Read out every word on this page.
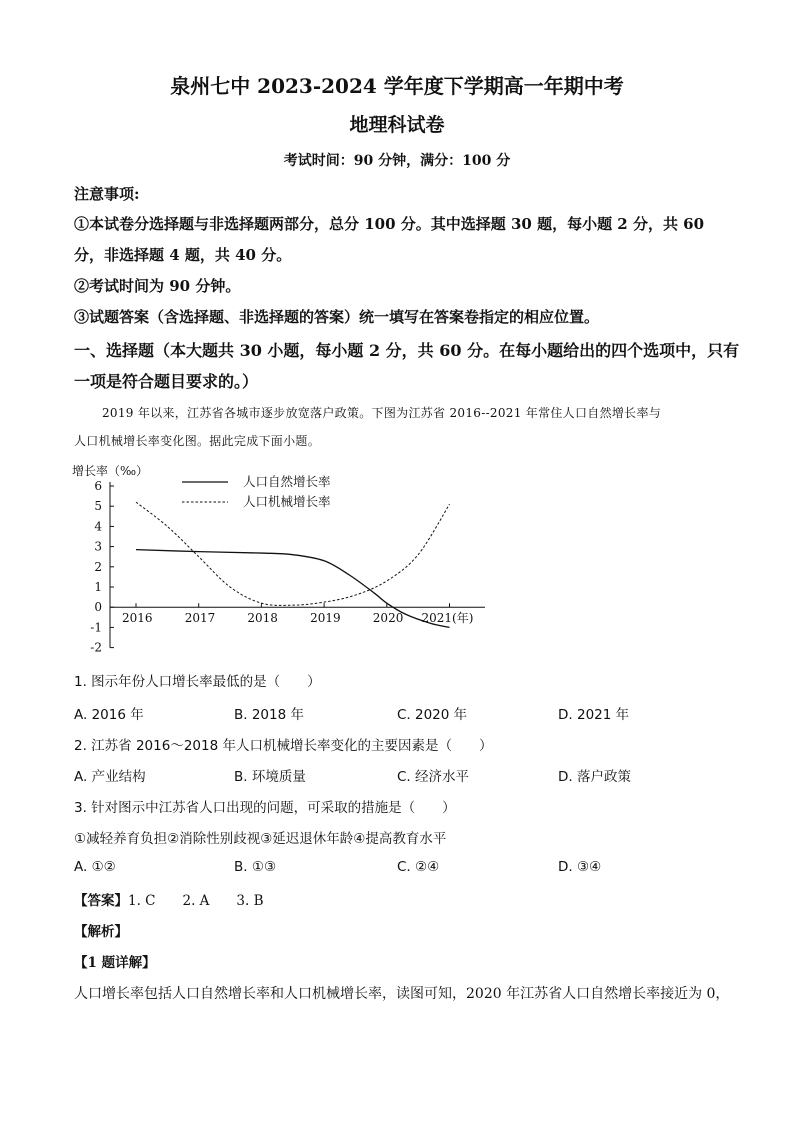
泉州七中 2023-2024 学年度下学期高一年期中考
地理科试卷
考试时间：90 分钟，满分：100 分
注意事项:
①本试卷分选择题与非选择题两部分，总分 100 分。其中选择题 30 题，每小题 2 分，共 60
分，非选择题 4 题，共 40 分。
②考试时间为 90 分钟。
③试题答案（含选择题、非选择题的答案）统一填写在答案卷指定的相应位置。
一、选择题（本大题共 30 小题，每小题 2 分，共 60 分。在每小题给出的四个选项中，只有
一项是符合题目要求的。）
2019 年以来，江苏省各城市逐步放宽落户政策。下图为江苏省 2016--2021 年常住人口自然增长率与
人口机械增长率变化图。据此完成下面小题。
增长率（‰）
6
5
4
3
2
1
0
-1
-2
2016	2017	2018	2019	2020 2021(年)
人口自然增长率
人口机械增长率
1. 图示年份人口增长率最低的是（　　）
A. 2016 年	B. 2018 年	C. 2020 年	D. 2021 年
2. 江苏省 2016～2018 年人口机械增长率变化的主要因素是（　　）
A. 产业结构	B. 环境质量	C. 经济水平	D. 落户政策
3. 针对图示中江苏省人口出现的问题，可采取的措施是（　　）
①减轻养育负担②消除性别歧视③延迟退休年龄④提高教育水平
A. ①②	B. ①③	C. ②④	D. ③④
【答案】1. C　　2. A　　3. B
【解析】
【1 题详解】
人口增长率包括人口自然增长率和人口机械增长率，读图可知，2020 年江苏省人口自然增长率接近为 0，
